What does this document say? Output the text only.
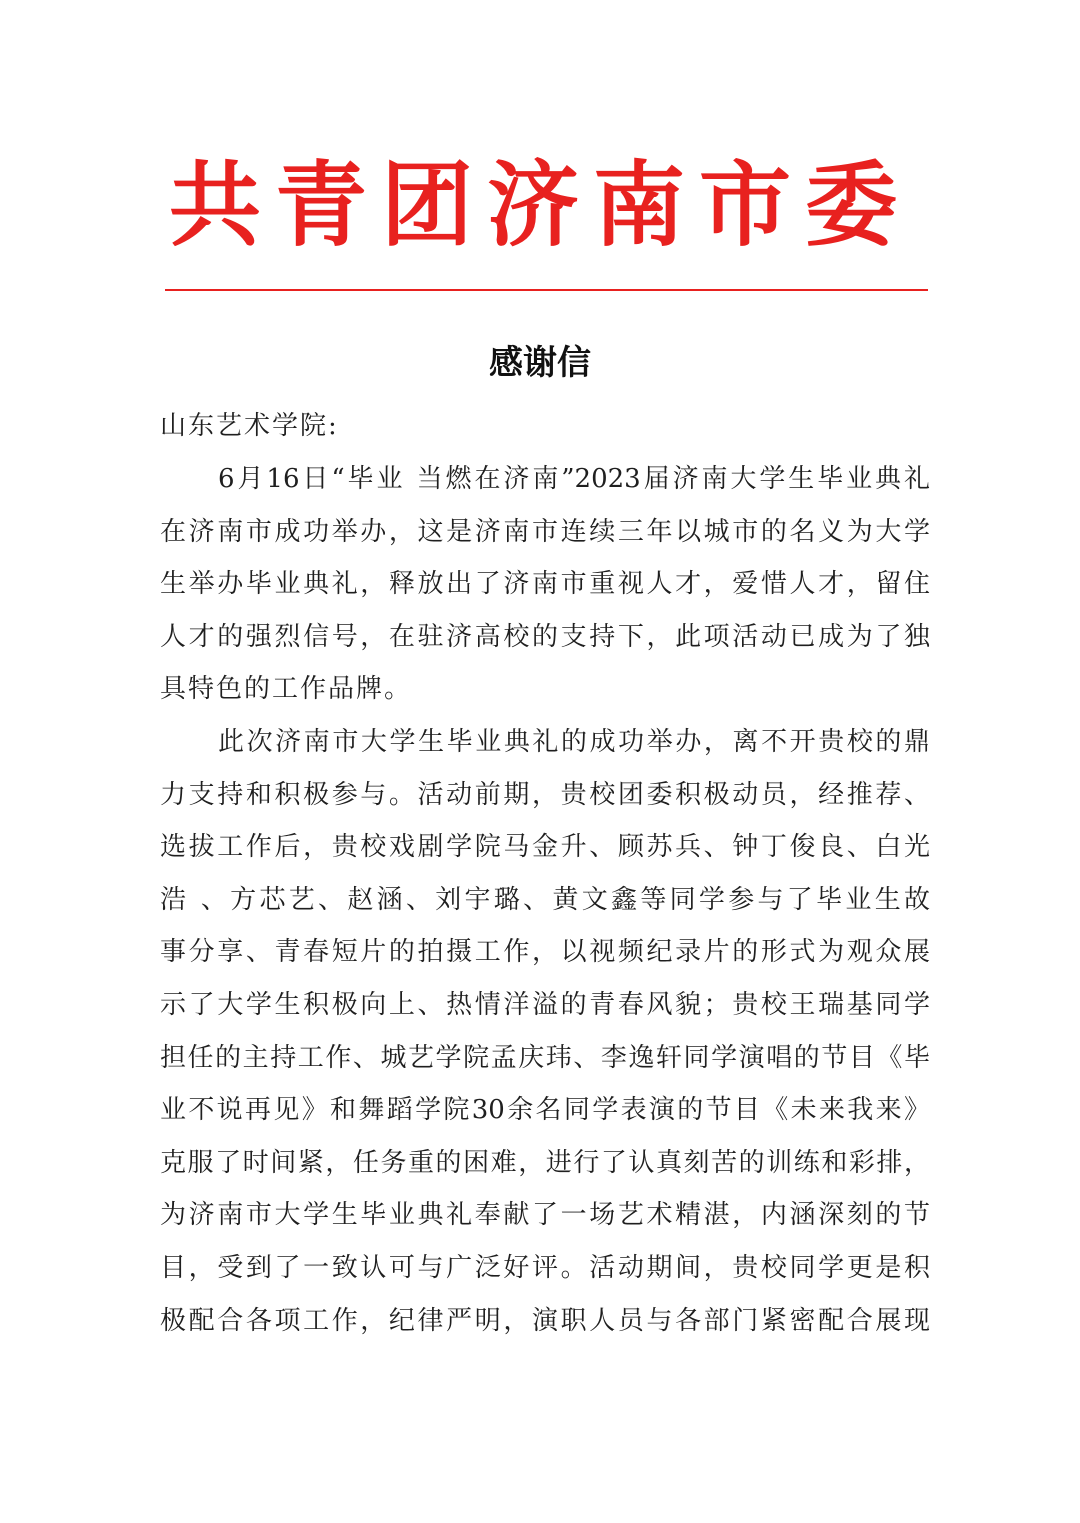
共青团济南市委
感谢信
山东艺术学院:
6月16日“毕业 当燃在济南”2023届济南大学生毕业典礼
在济南市成功举办，这是济南市连续三年以城市的名义为大学
生举办毕业典礼，释放出了济南市重视人才，爱惜人才，留住
人才的强烈信号，在驻济高校的支持下，此项活动已成为了独
具特色的工作品牌。
此次济南市大学生毕业典礼的成功举办，离不开贵校的鼎
力支持和积极参与。活动前期，贵校团委积极动员，经推荐、
选拔工作后，贵校戏剧学院马金升、顾苏兵、钟丁俊良、白光
浩 、方芯艺、赵涵、刘宇璐、黄文鑫等同学参与了毕业生故
事分享、青春短片的拍摄工作，以视频纪录片的形式为观众展
示了大学生积极向上、热情洋溢的青春风貌；贵校王瑞基同学
担任的主持工作、城艺学院孟庆玮、李逸轩同学演唱的节目《毕
业不说再见》和舞蹈学院30余名同学表演的节目《未来我来》
克服了时间紧，任务重的困难，进行了认真刻苦的训练和彩排，
为济南市大学生毕业典礼奉献了一场艺术精湛，内涵深刻的节
目，受到了一致认可与广泛好评。活动期间，贵校同学更是积
极配合各项工作，纪律严明，演职人员与各部门紧密配合展现
